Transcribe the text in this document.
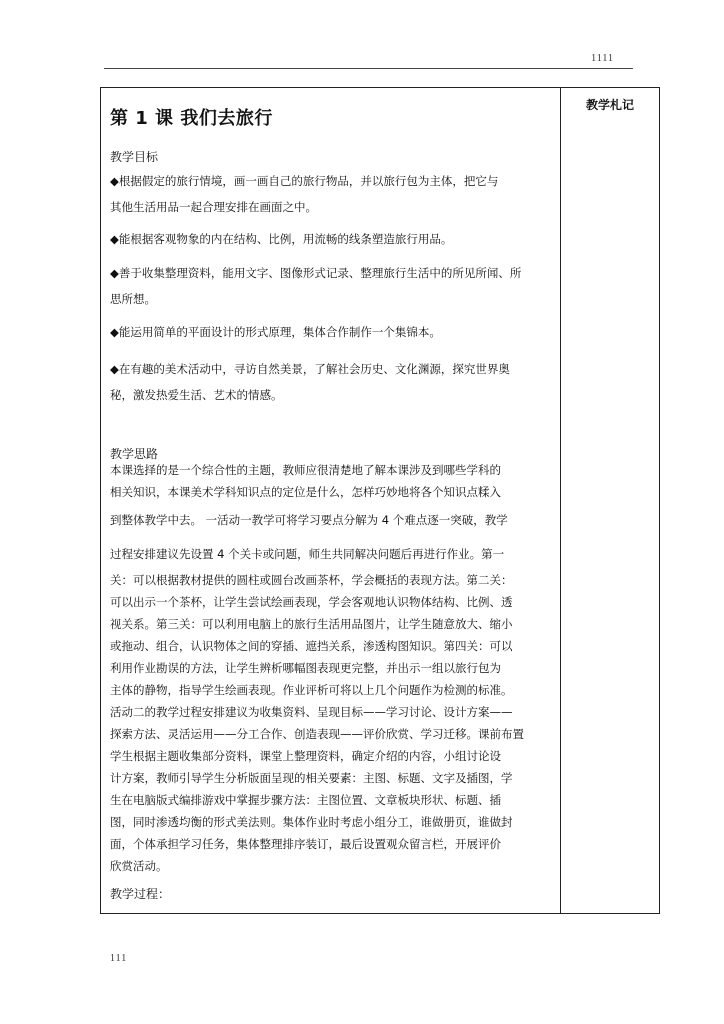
1111
教学札记
第 1 课 我们去旅行
教学目标
◆根据假定的旅行情境，画一画自己的旅行物品，并以旅行包为主体，把它与
其他生活用品一起合理安排在画面之中。
◆能根据客观物象的内在结构、比例，用流畅的线条塑造旅行用品。
◆善于收集整理资料，能用文字、图像形式记录、整理旅行生活中的所见所闻、所
思所想。
◆能运用简单的平面设计的形式原理，集体合作制作一个集锦本。
◆在有趣的美术活动中，寻访自然美景，了解社会历史、文化渊源，探究世界奥
秘，激发热爱生活、艺术的情感。
教学思路
本课选择的是一个综合性的主题，教师应很清楚地了解本课涉及到哪些学科的
相关知识，本课美术学科知识点的定位是什么，怎样巧妙地将各个知识点糅入
到整体教学中去。 一活动一教学可将学习要点分解为 4 个难点逐一突破，教学
过程安排建议先设置 4 个关卡或问题，师生共同解决问题后再进行作业。第一
关：可以根据教材提供的圆柱或圆台改画茶杯，学会概括的表现方法。第二关：
可以出示一个茶杯，让学生尝试绘画表现，学会客观地认识物体结构、比例、透
视关系。第三关：可以利用电脑上的旅行生活用品图片，让学生随意放大、缩小
或拖动、组合，认识物体之间的穿插、遮挡关系，渗透构图知识。第四关：可以
利用作业勘误的方法，让学生辨析哪幅图表现更完整，并出示一组以旅行包为
主体的静物，指导学生绘画表现。作业评析可将以上几个问题作为检测的标准。
活动二的教学过程安排建议为收集资料、呈现目标——学习讨论、设计方案——
探索方法、灵活运用——分工合作、创造表现——评价欣赏、学习迁移。课前布置
学生根据主题收集部分资料，课堂上整理资料，确定介绍的内容，小组讨论设
计方案，教师引导学生分析版面呈现的相关要素：主图、标题、文字及插图，学
生在电脑版式编排游戏中掌握步骤方法：主图位置、文章板块形状、标题、插
图，同时渗透均衡的形式美法则。集体作业时考虑小组分工，谁做册页，谁做封
面，个体承担学习任务，集体整理排序装订，最后设置观众留言栏，开展评价
欣赏活动。
教学过程：
111
